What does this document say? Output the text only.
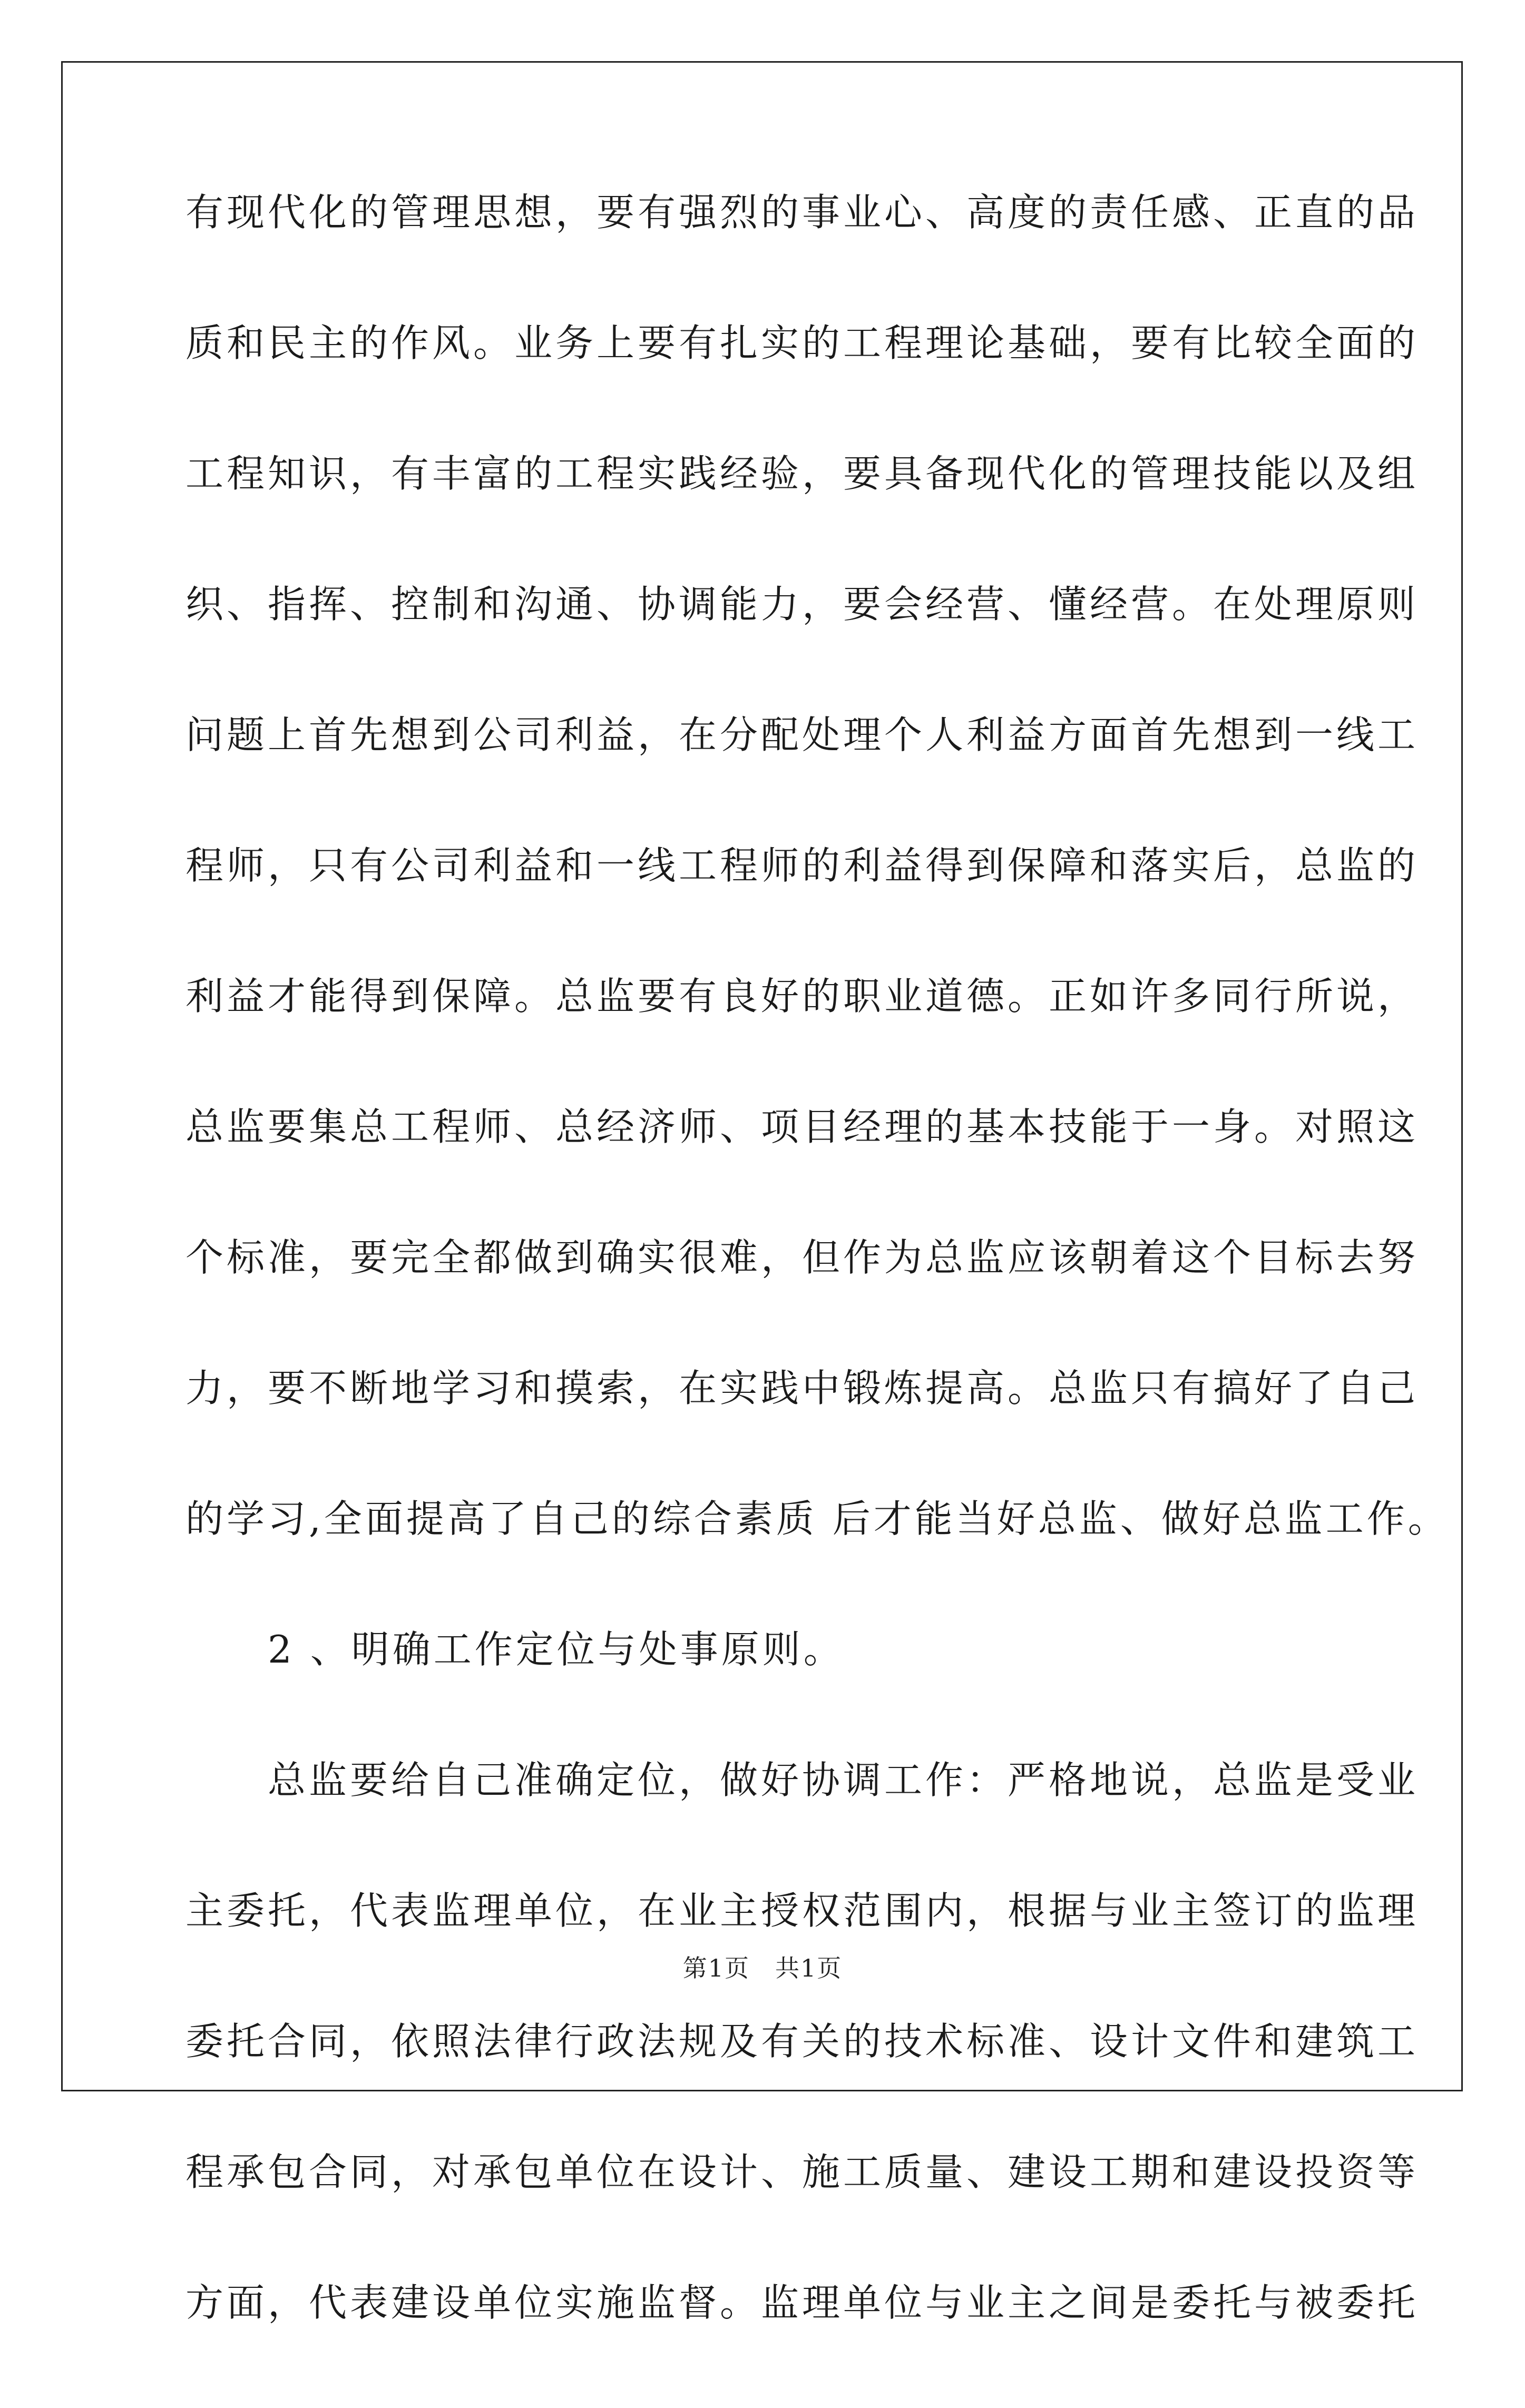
有现代化的管理思想，要有强烈的事业心、高度的责任感、正直的品
质和民主的作风。业务上要有扎实的工程理论基础，要有比较全面的
工程知识，有丰富的工程实践经验，要具备现代化的管理技能以及组
织、指挥、控制和沟通、协调能力，要会经营、懂经营。在处理原则
问题上首先想到公司利益，在分配处理个人利益方面首先想到一线工
程师，只有公司利益和一线工程师的利益得到保障和落实后，总监的
利益才能得到保障。总监要有良好的职业道德。正如许多同行所说，
总监要集总工程师、总经济师、项目经理的基本技能于一身。对照这
个标准，要完全都做到确实很难，但作为总监应该朝着这个目标去努
力，要不断地学习和摸索，在实践中锻炼提高。总监只有搞好了自己
的学习,全面提高了自己的综合素质 后才能当好总监、做好总监工作。
　　2 、明确工作定位与处事原则。
　　总监要给自己准确定位，做好协调工作：严格地说，总监是受业
主委托，代表监理单位，在业主授权范围内，根据与业主签订的监理
委托合同，依照法律行政法规及有关的技术标准、设计文件和建筑工
程承包合同，对承包单位在设计、施工质量、建设工期和建设投资等
方面，代表建设单位实施监督。监理单位与业主之间是委托与被委托
第1页　共1页
